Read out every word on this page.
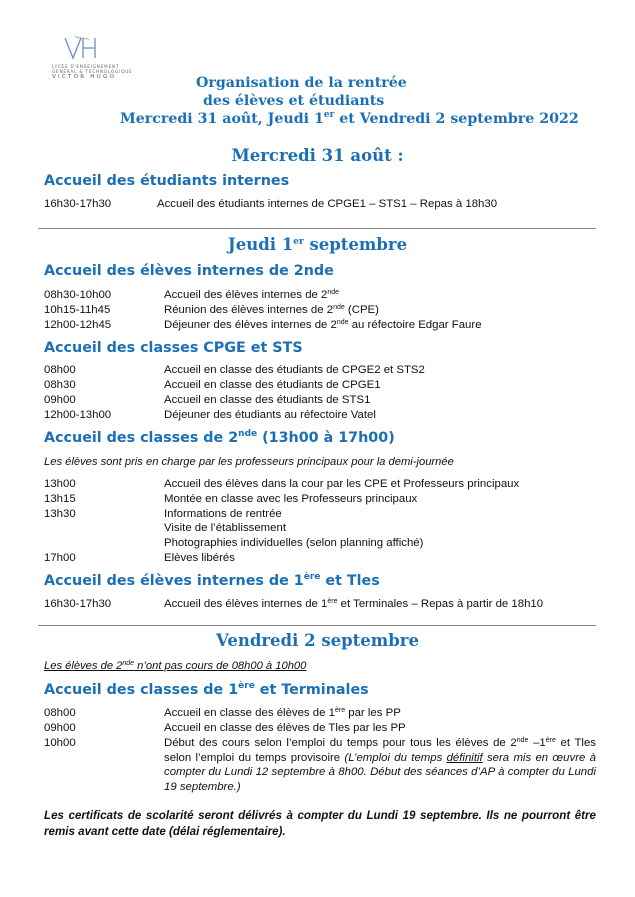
LYCÉE D'ENSEIGNEMENT
GÉNÉRAL & TECHNOLOGIQUE
VICTOR HUGO	Organisation de la rentrée
des élèves et étudiants
Mercredi 31 août, Jeudi 1er et Vendredi 2 septembre 2022
Mercredi 31 août :
Accueil des étudiants internes
16h30-17h30	Accueil des étudiants internes de CPGE1 – STS1 – Repas à 18h30
Jeudi 1er septembre
Accueil des élèves internes de 2nde
08h30-10h00	Accueil des élèves internes de 2nde
10h15-11h45	Réunion des élèves internes de 2nde (CPE)
12h00-12h45	Déjeuner des élèves internes de 2nde au réfectoire Edgar Faure
Accueil des classes CPGE et STS
08h00	Accueil en classe des étudiants de CPGE2 et STS2
08h30	Accueil en classe des étudiants de CPGE1
09h00	Accueil en classe des étudiants de STS1
12h00-13h00	Déjeuner des étudiants au réfectoire Vatel
Accueil des classes de 2nde (13h00 à 17h00)
Les élèves sont pris en charge par les professeurs principaux pour la demi-journée
13h00	Accueil des élèves dans la cour par les CPE et Professeurs principaux
13h15	Montée en classe avec les Professeurs principaux
13h30	Informations de rentrée
Visite de l’établissement
Photographies individuelles (selon planning affiché)
17h00	Elèves libérés
Accueil des élèves internes de 1ère et Tles
16h30-17h30	Accueil des élèves internes de 1ère et Terminales – Repas à partir de 18h10
Vendredi 2 septembre
Les élèves de 2nde n’ont pas cours de 08h00 à 10h00
Accueil des classes de 1ère et Terminales
08h00	Accueil en classe des élèves de 1ère par les PP
09h00	Accueil en classe des élèves de Tles par les PP
10h00	Début des cours selon l’emploi du temps pour tous les élèves de 2nde –1ère et Tles selon l’emploi du temps provisoire (L’emploi du temps définitif sera mis en œuvre à compter du Lundi 12 septembre à 8h00. Début des séances d’AP à compter du Lundi 19 septembre.)
Les certificats de scolarité seront délivrés à compter du Lundi 19 septembre. Ils ne pourront être remis avant cette date (délai réglementaire).
